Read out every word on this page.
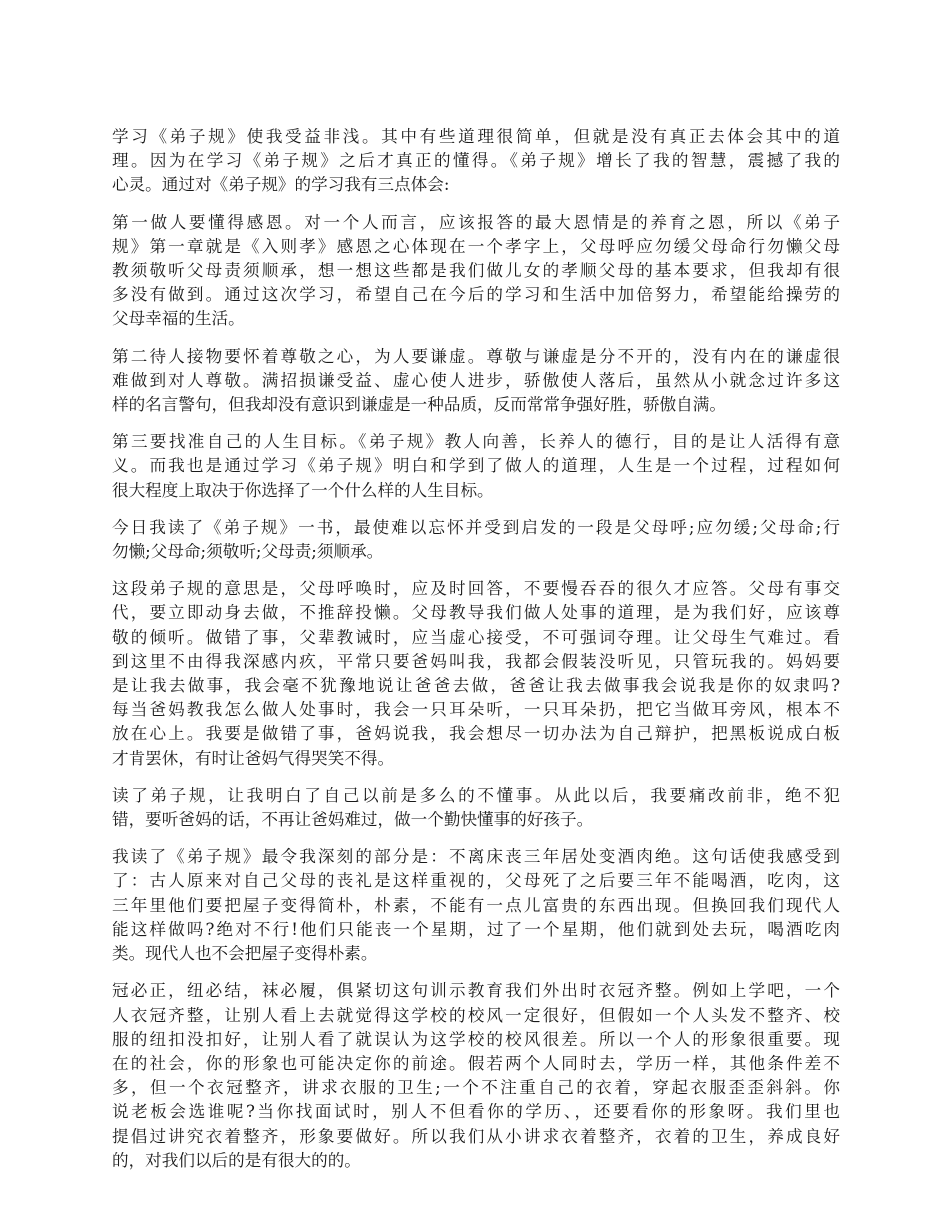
学习《弟子规》使我受益非浅。其中有些道理很简单，但就是没有真正去体会其中的道
理。因为在学习《弟子规》之后才真正的懂得。《弟子规》增长了我的智慧，震撼了我的
心灵。通过对《弟子规》的学习我有三点体会:

第一做人要懂得感恩。对一个人而言，应该报答的最大恩情是的养育之恩，所以《弟子
规》第一章就是《入则孝》感恩之心体现在一个孝字上，父母呼应勿缓父母命行勿懒父母
教须敬听父母责须顺承，想一想这些都是我们做儿女的孝顺父母的基本要求，但我却有很
多没有做到。通过这次学习，希望自己在今后的学习和生活中加倍努力，希望能给操劳的
父母幸福的生活。

第二待人接物要怀着尊敬之心，为人要谦虚。尊敬与谦虚是分不开的，没有内在的谦虚很
难做到对人尊敬。满招损谦受益、虚心使人进步，骄傲使人落后，虽然从小就念过许多这
样的名言警句，但我却没有意识到谦虚是一种品质，反而常常争强好胜，骄傲自满。

第三要找准自己的人生目标。《弟子规》教人向善，长养人的德行，目的是让人活得有意
义。而我也是通过学习《弟子规》明白和学到了做人的道理，人生是一个过程，过程如何
很大程度上取决于你选择了一个什么样的人生目标。

今日我读了《弟子规》一书，最使难以忘怀并受到启发的一段是父母呼;应勿缓;父母命;行
勿懒;父母命;须敬听;父母责;须顺承。

这段弟子规的意思是，父母呼唤时，应及时回答，不要慢吞吞的很久才应答。父母有事交
代，要立即动身去做，不推辞投懒。父母教导我们做人处事的道理，是为我们好，应该尊
敬的倾听。做错了事，父辈教诫时，应当虚心接受，不可强词夺理。让父母生气难过。看
到这里不由得我深感内疚，平常只要爸妈叫我，我都会假装没听见，只管玩我的。妈妈要
是让我去做事，我会毫不犹豫地说让爸爸去做，爸爸让我去做事我会说我是你的奴隶吗?
每当爸妈教我怎么做人处事时，我会一只耳朵听，一只耳朵扔，把它当做耳旁风，根本不
放在心上。我要是做错了事，爸妈说我，我会想尽一切办法为自己辩护，把黑板说成白板
才肯罢休，有时让爸妈气得哭笑不得。

读了弟子规，让我明白了自己以前是多么的不懂事。从此以后，我要痛改前非，绝不犯
错，要听爸妈的话，不再让爸妈难过，做一个勤快懂事的好孩子。

我读了《弟子规》最令我深刻的部分是：不离床丧三年居处变酒肉绝。这句话使我感受到
了：古人原来对自己父母的丧礼是这样重视的，父母死了之后要三年不能喝酒，吃肉，这
三年里他们要把屋子变得简朴，朴素，不能有一点儿富贵的东西出现。但换回我们现代人
能这样做吗?绝对不行!他们只能丧一个星期，过了一个星期，他们就到处去玩，喝酒吃肉
类。现代人也不会把屋子变得朴素。

冠必正，纽必结，袜必履，俱紧切这句训示教育我们外出时衣冠齐整。例如上学吧，一个
人衣冠齐整，让别人看上去就觉得这学校的校风一定很好，但假如一个人头发不整齐、校
服的纽扣没扣好，让别人看了就误认为这学校的校风很差。所以一个人的形象很重要。现
在的社会，你的形象也可能决定你的前途。假若两个人同时去，学历一样，其他条件差不
多，但一个衣冠整齐，讲求衣服的卫生;一个不注重自己的衣着，穿起衣服歪歪斜斜。你
说老板会选谁呢?当你找面试时，别人不但看你的学历、，还要看你的形象呀。我们里也
提倡过讲究衣着整齐，形象要做好。所以我们从小讲求衣着整齐，衣着的卫生，养成良好
的，对我们以后的是有很大的的。
